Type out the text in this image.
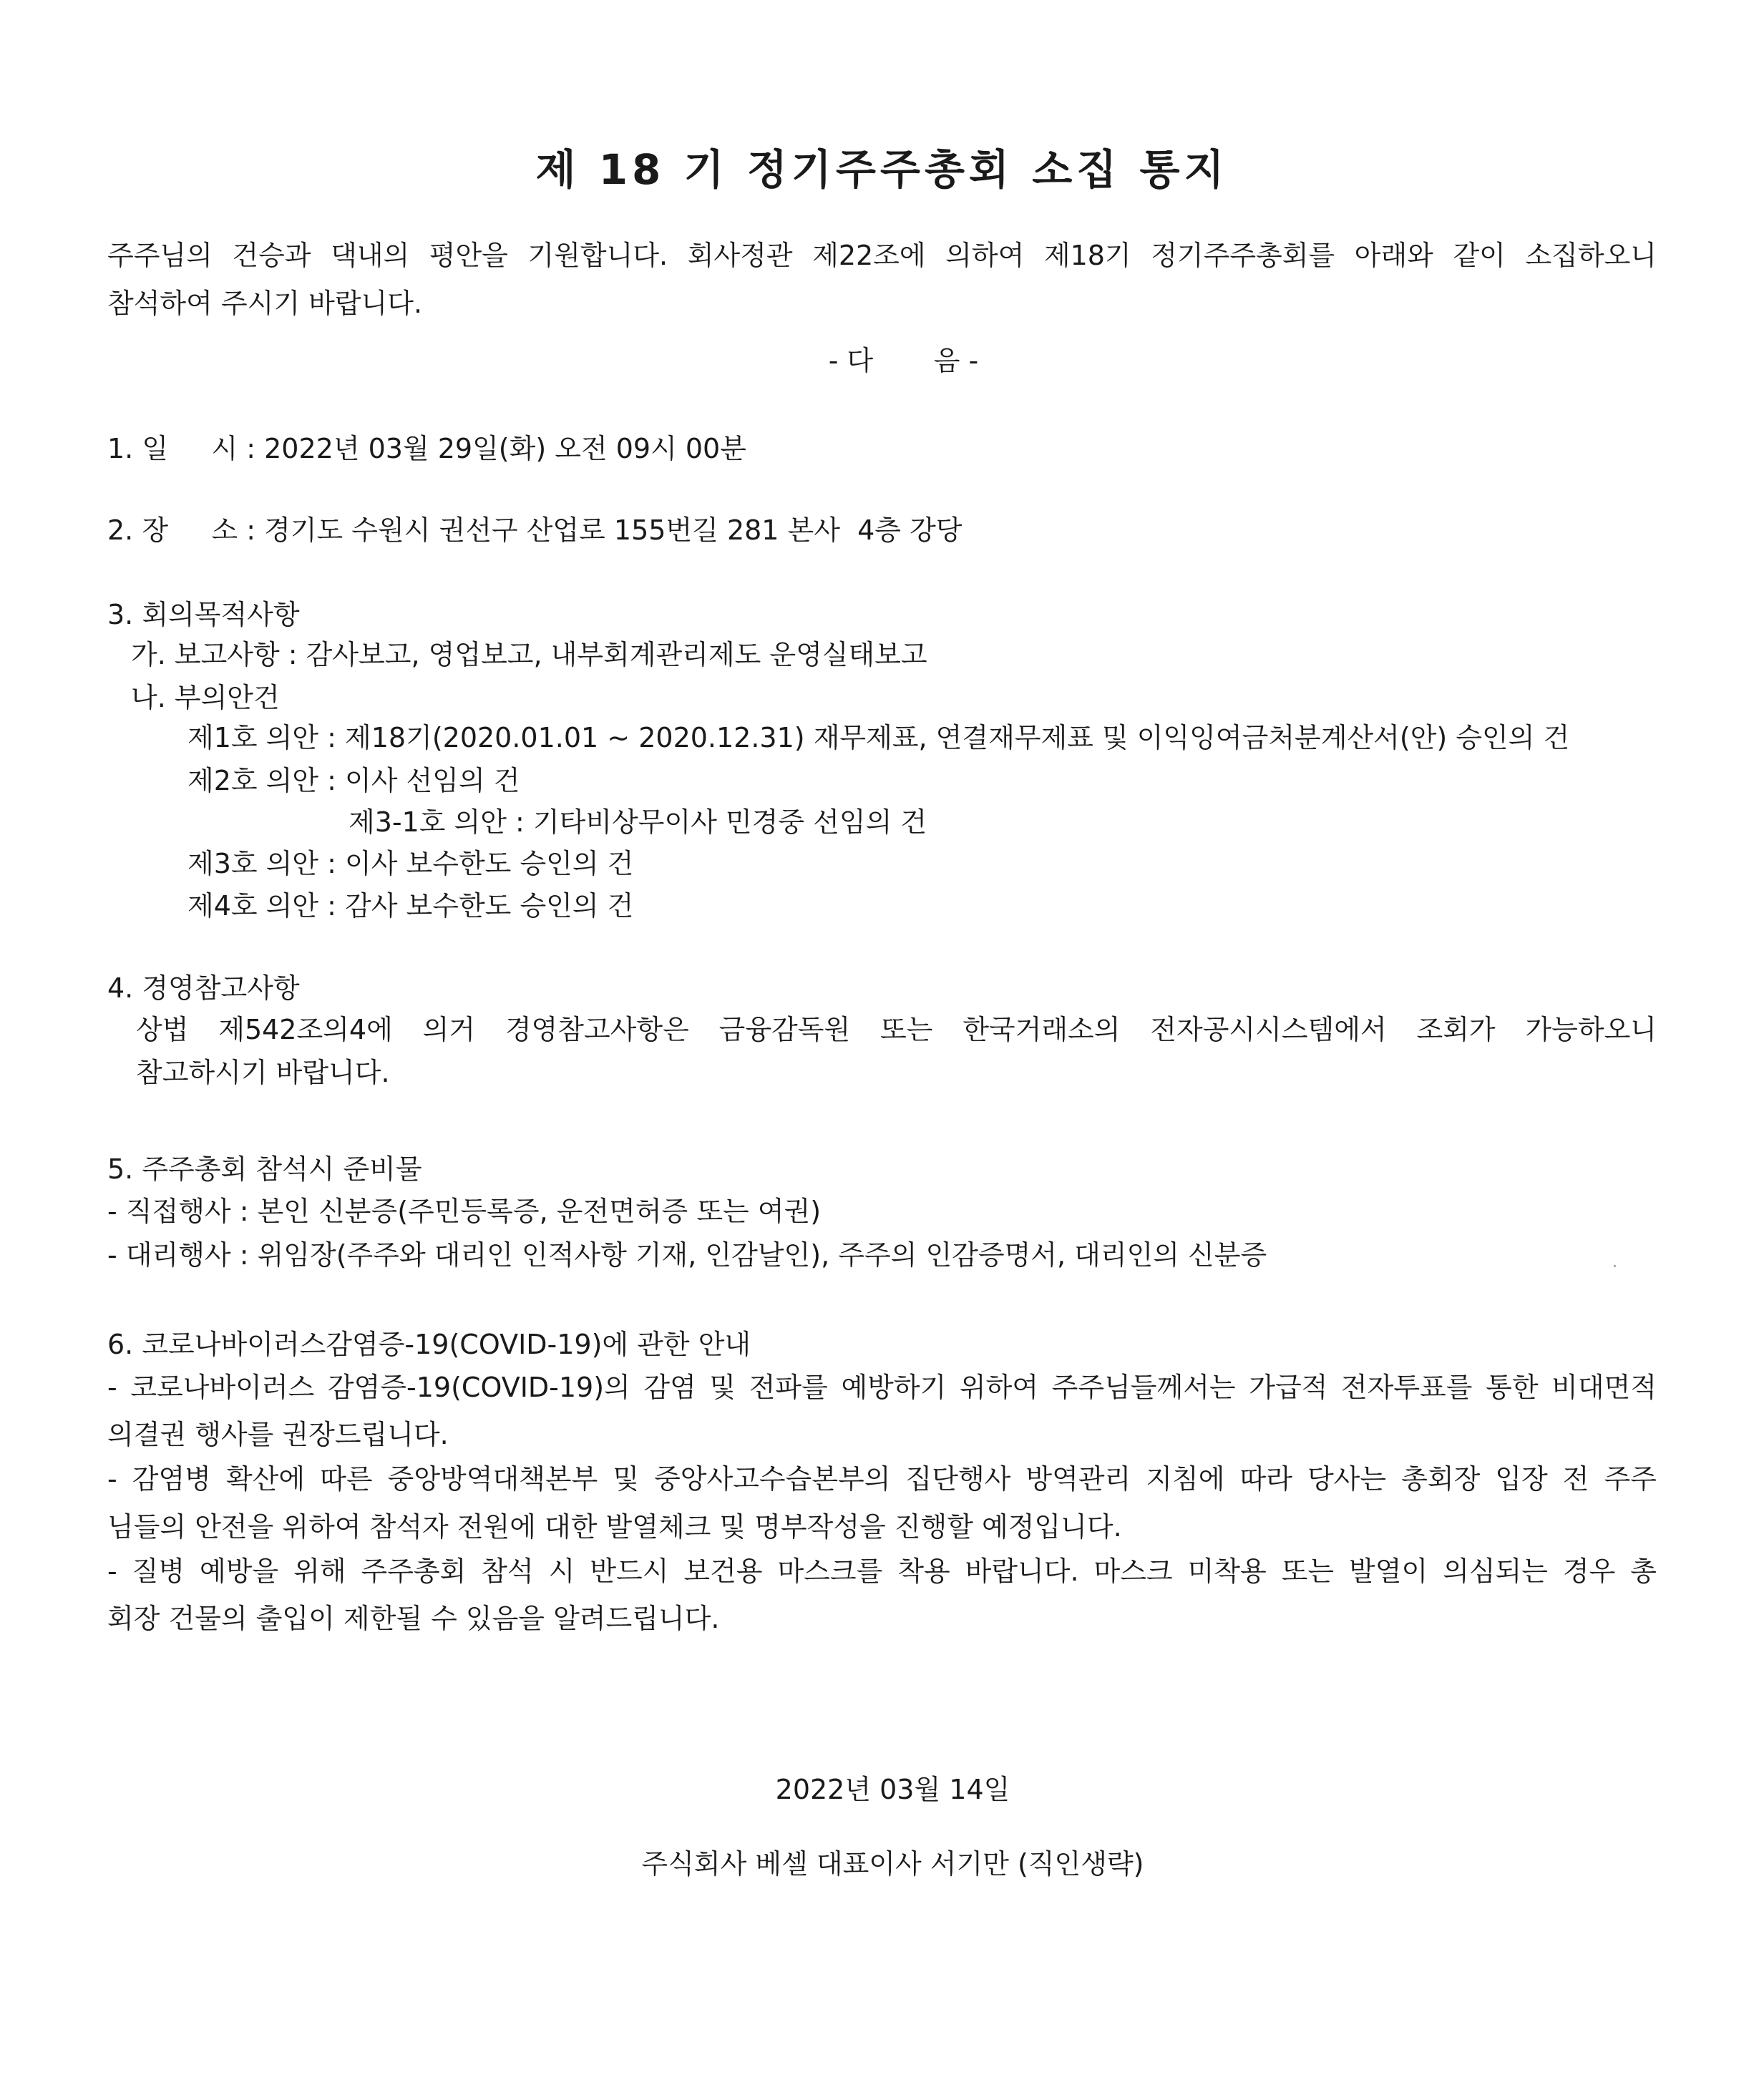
제 18 기 정기주주총회 소집 통지

주주님의 건승과 댁내의 평안을 기원합니다. 회사정관 제22조에 의하여 제18기 정기주주총회를 아래와 같이 소집하오니

참석하여 주시기 바랍니다.

- 다       음 -

1. 일     시 : 2022년 03월 29일(화) 오전 09시 00분

2. 장     소 : 경기도 수원시 권선구 산업로 155번길 281 본사  4층 강당

3. 회의목적사항

가. 보고사항 : 감사보고, 영업보고, 내부회계관리제도 운영실태보고

나. 부의안건

제1호 의안 : 제18기(2020.01.01 ~ 2020.12.31) 재무제표, 연결재무제표 및 이익잉여금처분계산서(안) 승인의 건

제2호 의안 : 이사 선임의 건

제3-1호 의안 : 기타비상무이사 민경중 선임의 건

제3호 의안 : 이사 보수한도 승인의 건

제4호 의안 : 감사 보수한도 승인의 건

4. 경영참고사항

상법 제542조의4에 의거 경영참고사항은 금융감독원 또는 한국거래소의 전자공시시스템에서 조회가 가능하오니

참고하시기 바랍니다.

5. 주주총회 참석시 준비물

- 직접행사 : 본인 신분증(주민등록증, 운전면허증 또는 여권)

- 대리행사 : 위임장(주주와 대리인 인적사항 기재, 인감날인), 주주의 인감증명서, 대리인의 신분증

6. 코로나바이러스감염증-19(COVID-19)에 관한 안내

- 코로나바이러스 감염증-19(COVID-19)의 감염 및 전파를 예방하기 위하여 주주님들께서는 가급적 전자투표를 통한 비대면적

의결권 행사를 권장드립니다.

- 감염병 확산에 따른 중앙방역대책본부 및 중앙사고수습본부의 집단행사 방역관리 지침에 따라 당사는 총회장 입장 전 주주

님들의 안전을 위하여 참석자 전원에 대한 발열체크 및 명부작성을 진행할 예정입니다.

- 질병 예방을 위해 주주총회 참석 시 반드시 보건용 마스크를 착용 바랍니다. 마스크 미착용 또는 발열이 의심되는 경우 총

회장 건물의 출입이 제한될 수 있음을 알려드립니다.

2022년 03월 14일

주식회사 베셀 대표이사 서기만 (직인생략)
